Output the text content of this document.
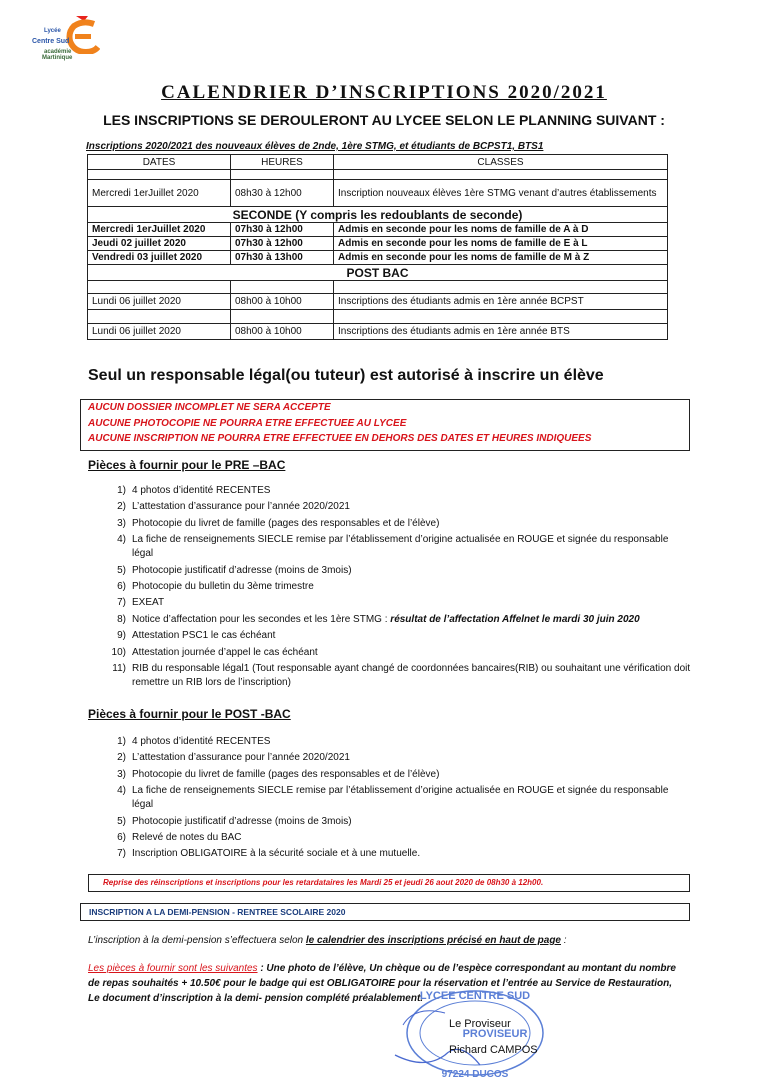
Lycée
Centre Sud
académie
Martinique
CALENDRIER D’INSCRIPTIONS 2020/2021
LES INSCRIPTIONS SE DEROULERONT AU LYCEE SELON LE PLANNING SUIVANT :
Inscriptions 2020/2021 des nouveaux élèves de 2nde, 1ère STMG, et étudiants de BCPST1, BTS1
DATES	HEURES	CLASSES

Mercredi 1erJuillet 2020	08h30 à 12h00	Inscription nouveaux élèves 1ère STMG venant d’autres établissements
SECONDE (Y compris les redoublants de seconde)		
Mercredi 1erJuillet 2020	07h30 à 12h00	Admis en seconde pour les noms de famille de A à D
Jeudi 02 juillet 2020	07h30 à 12h00	Admis en seconde pour les noms de famille de E à L
Vendredi 03 juillet 2020	07h30 à 13h00	Admis en seconde pour les noms de famille de M à Z
POST BAC		

Lundi 06 juillet 2020	08h00 à 10h00	Inscriptions des étudiants admis en 1ère année BCPST

Lundi 06 juillet 2020	08h00 à 10h00	Inscriptions des étudiants admis en 1ère année BTS
Seul un responsable légal(ou tuteur) est autorisé à inscrire un élève
AUCUN DOSSIER INCOMPLET NE SERA ACCEPTE
AUCUNE PHOTOCOPIE NE POURRA ETRE EFFECTUEE AU LYCEE
AUCUNE INSCRIPTION NE POURRA ETRE EFFECTUEE EN DEHORS DES DATES ET HEURES INDIQUEES
Pièces à fournir pour le PRE –BAC
1) 4 photos d’identité RECENTES
2) L’attestation d’assurance pour l’année 2020/2021
3) Photocopie du livret de famille (pages des responsables et de l’élève)
4) La fiche de renseignements SIECLE remise par l’établissement d’origine actualisée en ROUGE et signée du responsable légal
5) Photocopie justificatif d’adresse (moins de 3mois)
6) Photocopie du bulletin du 3ème trimestre
7) EXEAT
8) Notice d’affectation pour les secondes et les 1ère STMG : résultat de l’affectation Affelnet le mardi 30 juin 2020
9) Attestation PSC1 le cas échéant
10) Attestation journée d’appel le cas échéant
11) RIB du responsable légal1 (Tout responsable ayant changé de coordonnées bancaires(RIB) ou souhaitant une vérification doit remettre un RIB lors de l’inscription)
Pièces à fournir pour le POST -BAC
1) 4 photos d’identité RECENTES
2) L’attestation d’assurance pour l’année 2020/2021
3) Photocopie du livret de famille (pages des responsables et de l’élève)
4) La fiche de renseignements SIECLE remise par l’établissement d’origine actualisée en ROUGE et signée du responsable légal
5) Photocopie justificatif d’adresse (moins de 3mois)
6) Relevé de notes du BAC
7) Inscription OBLIGATOIRE à la sécurité sociale et à une mutuelle.
Reprise des réinscriptions et inscriptions pour les retardataires les Mardi 25 et jeudi 26 aout 2020 de 08h30 à 12h00.
INSCRIPTION A LA DEMI-PENSION - RENTREE SCOLAIRE 2020
L’inscription à la demi-pension s’effectuera selon le calendrier des inscriptions précisé en haut de page :
Les pièces à fournir sont les suivantes : Une photo de l’élève, Un chèque ou de l’espèce correspondant au montant du nombre de repas souhaités + 10.50€ pour le badge qui est OBLIGATOIRE pour la réservation et l’entrée au Service de Restauration, Le document d’inscription à la demi- pension complété préalablement.
LYCEE CENTRE SUD
PROVISEUR
97224 DUCOS
Le Proviseur
Richard CAMPOS
